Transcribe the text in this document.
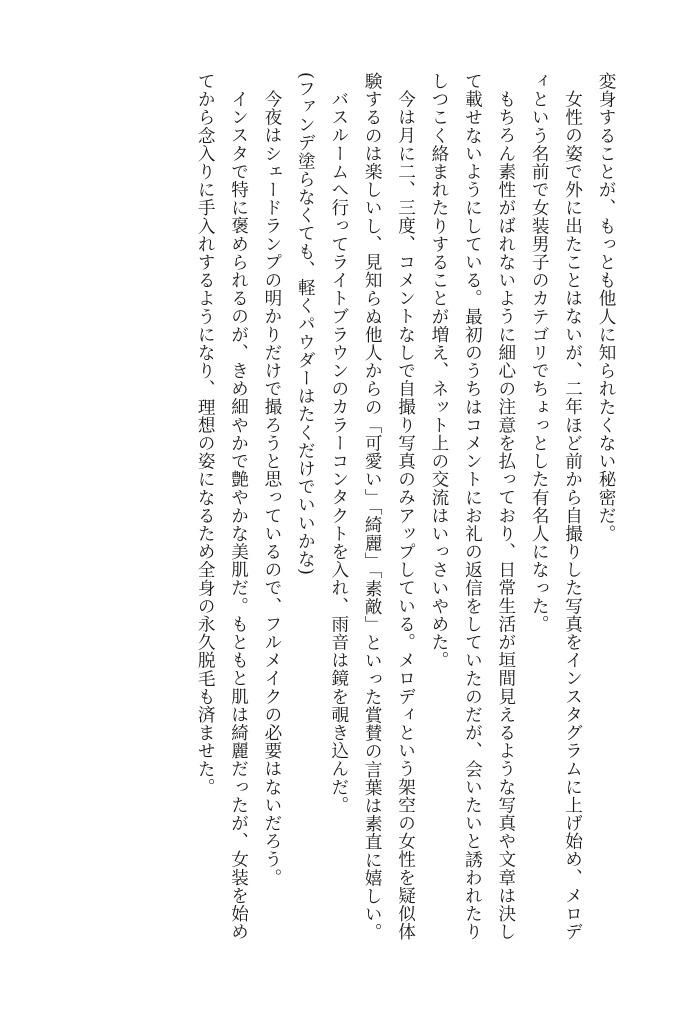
変身することが、もっとも他人に知られたくない秘密だ。

女性の姿で外に出たことはないが、二年ほど前から自撮りした写真をインスタグラムに上げ始め、メロディという名前で女装男子のカテゴリでちょっとした有名人になった。

もちろん素性がばれないように細心の注意を払っており、日常生活が垣間見えるような写真や文章は決して載せないようにしている。最初のうちはコメントにお礼の返信をしていたのだが、会いたいと誘われたりしつこく絡まれたりすることが増え、ネット上の交流はいっさいやめた。

今は月に二、三度、コメントなしで自撮り写真のみアップしている。メロディという架空の女性を疑似体験するのは楽しいし、見知らぬ他人からの「可愛い」「綺麗」「素敵」といった賞賛の言葉は素直に嬉しい。

バスルームへ行ってライトブラウンのカラーコンタクトを入れ、雨音は鏡を覗き込んだ。

(ファンデ塗らなくても、軽くパウダーはたくだけでいいかな)

今夜はシェードランプの明かりだけで撮ろうと思っているので、フルメイクの必要はないだろう。

インスタで特に褒められるのが、きめ細やかで艶やかな美肌だ。もともと肌は綺麗だったが、女装を始めてから念入りに手入れするようになり、理想の姿になるため全身の永久脱毛も済ませた。
